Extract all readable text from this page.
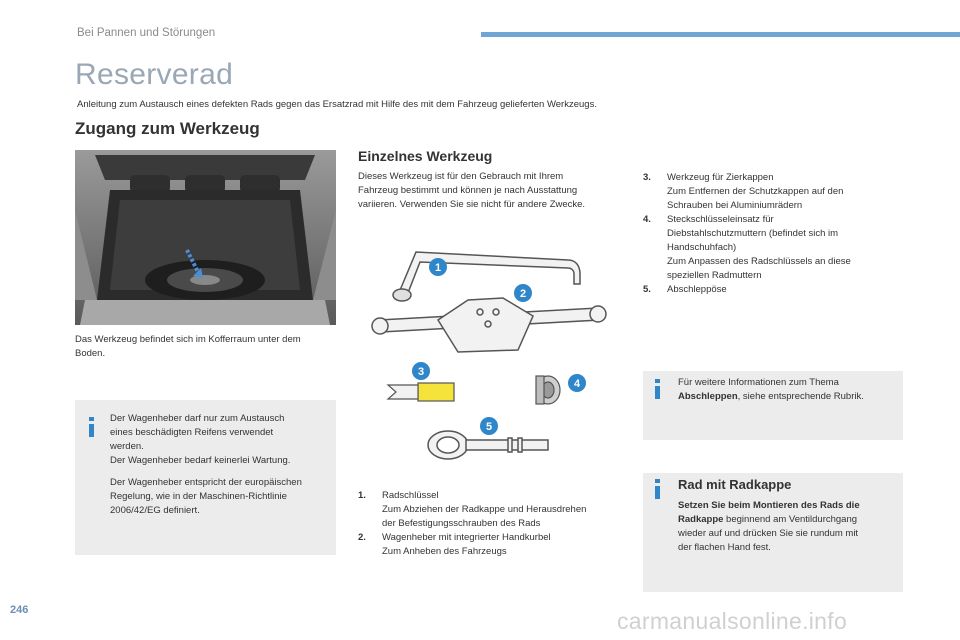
Bei Pannen und Störungen
Reserverad
Anleitung zum Austausch eines defekten Rads gegen das Ersatzrad mit Hilfe des mit dem Fahrzeug gelieferten Werkzeugs.
Zugang zum Werkzeug
Das Werkzeug befindet sich im Kofferraum unter dem
Boden.
Der Wagenheber darf nur zum Austausch
eines beschädigten Reifens verwendet
werden.
Der Wagenheber bedarf keinerlei Wartung.
Der Wagenheber entspricht der europäischen
Regelung, wie in der Maschinen-Richtlinie
2006/42/EG definiert.
Einzelnes Werkzeug
Dieses Werkzeug ist für den Gebrauch mit Ihrem
Fahrzeug bestimmt und können je nach Ausstattung
variieren. Verwenden Sie sie nicht für andere Zwecke.
1
2
3
4
5
1. Radschlüssel
Zum Abziehen der Radkappe und Herausdrehen
der Befestigungsschrauben des Rads
2. Wagenheber mit integrierter Handkurbel
Zum Anheben des Fahrzeugs
3. Werkzeug für Zierkappen
Zum Entfernen der Schutzkappen auf den
Schrauben bei Aluminiumrädern
4. Steckschlüsseleinsatz für
Diebstahlschutzmuttern (befindet sich im
Handschuhfach)
Zum Anpassen des Radschlüssels an diese
speziellen Radmuttern
5. Abschleppöse
Für weitere Informationen zum Thema
Abschleppen, siehe entsprechende Rubrik.
Rad mit Radkappe
Setzen Sie beim Montieren des Rads die
Radkappe beginnend am Ventildurchgang
wieder auf und drücken Sie sie rundum mit
der flachen Hand fest.
246	carmanualsonline.info
